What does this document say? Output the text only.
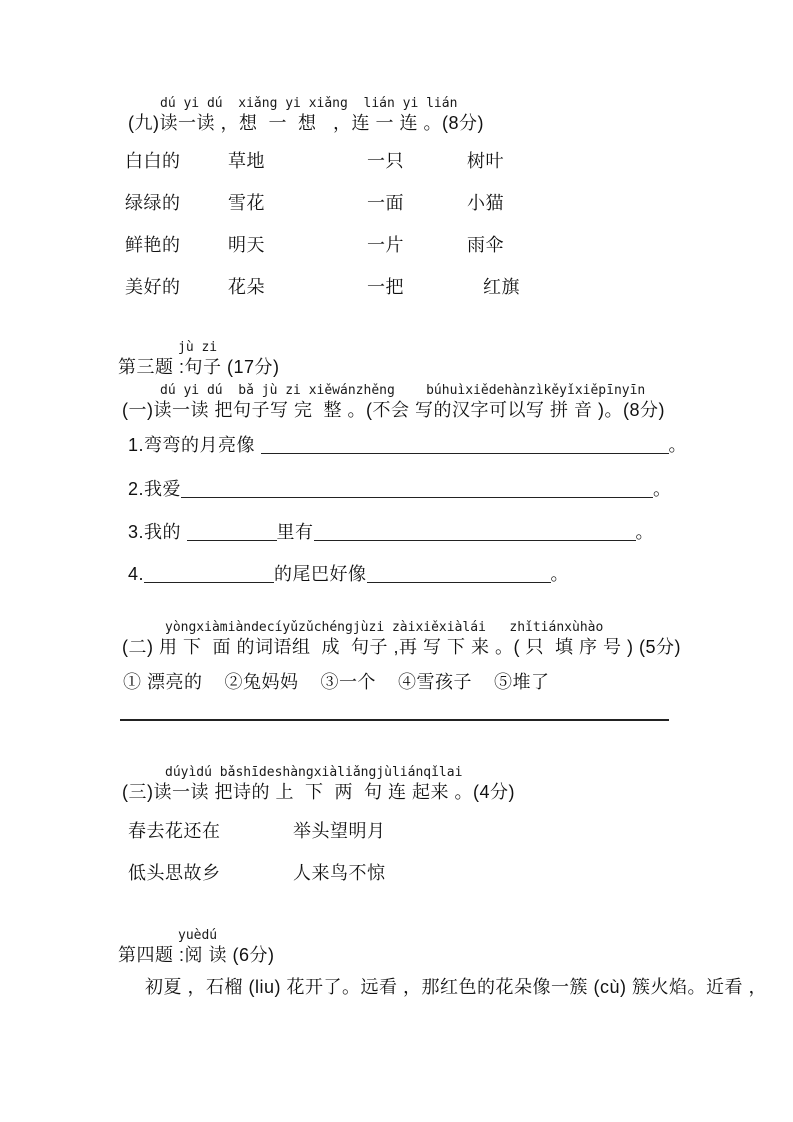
dú yi dú  xiǎng yi xiǎng  lián yi lián
(九)读一读 ，想  一  想   ，连 一 连 。(8分)
白白的	草地	一只	树叶
绿绿的	雪花	一面	小猫
鲜艳的	明天	一片	雨伞
美好的	花朵	一把	红旗
jù zi
第三题 :句子 (17分)
dú yi dú  bǎ jù zi xiěwánzhěng    búhuìxiědehànzìkěyǐxiěpīnyīn
(一)读一读 把句子写 完  整 。(不会 写的汉字可以写 拼 音 )。(8分)
1.弯弯的月亮像	。
2.我爱	。
3.我的	里有	。
4.	的尾巴好像	。
yòngxiàmiàndecíyǔzǔchéngjùzi zàixiěxiàlái   zhǐtiánxùhào
(二) 用 下  面 的词语组  成  句子 ,再 写 下 来 。( 只  填 序 号 ) (5分)
① 漂亮的    ②兔妈妈    ③一个    ④雪孩子    ⑤堆了
dúyìdú bǎshīdeshàngxiàliǎngjùliánqǐlai
(三)读一读 把诗的 上  下  两  句 连 起来 。(4分)
春去花还在	举头望明月
低头思故乡	人来鸟不惊
yuèdú
第四题 :阅 读 (6分)
初夏 ，石榴 (liu) 花开了。远看 ，那红色的花朵像一簇 (cù) 簇火焰。近看 ，
